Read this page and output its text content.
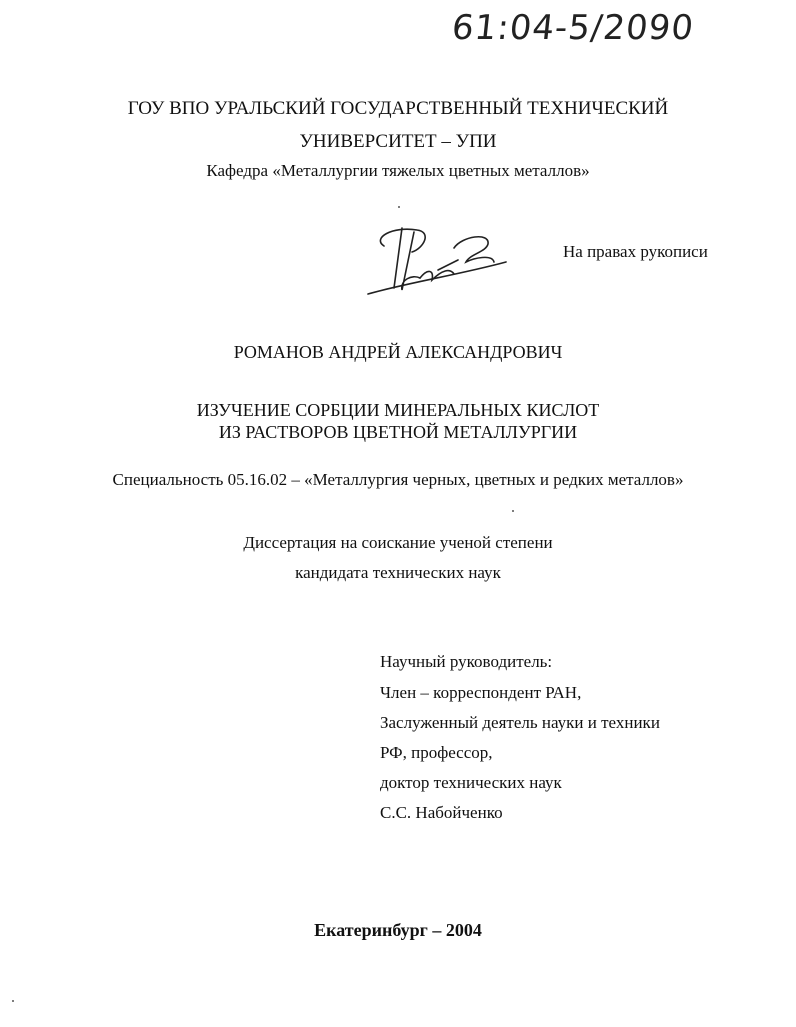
61:04-5/2090
ГОУ ВПО УРАЛЬСКИЙ ГОСУДАРСТВЕННЫЙ ТЕХНИЧЕСКИЙ
УНИВЕРСИТЕТ – УПИ
Кафедра «Металлургии тяжелых цветных металлов»
На правах рукописи
РОМАНОВ АНДРЕЙ АЛЕКСАНДРОВИЧ
ИЗУЧЕНИЕ СОРБЦИИ МИНЕРАЛЬНЫХ КИСЛОТ
ИЗ РАСТВОРОВ ЦВЕТНОЙ МЕТАЛЛУРГИИ
Специальность 05.16.02 – «Металлургия черных, цветных и редких металлов»
Диссертация на соискание ученой степени
кандидата технических наук
Научный руководитель:
Член – корреспондент РАН,
Заслуженный деятель науки и техники
РФ, профессор,
доктор технических наук
С.С. Набойченко
Екатеринбург – 2004
